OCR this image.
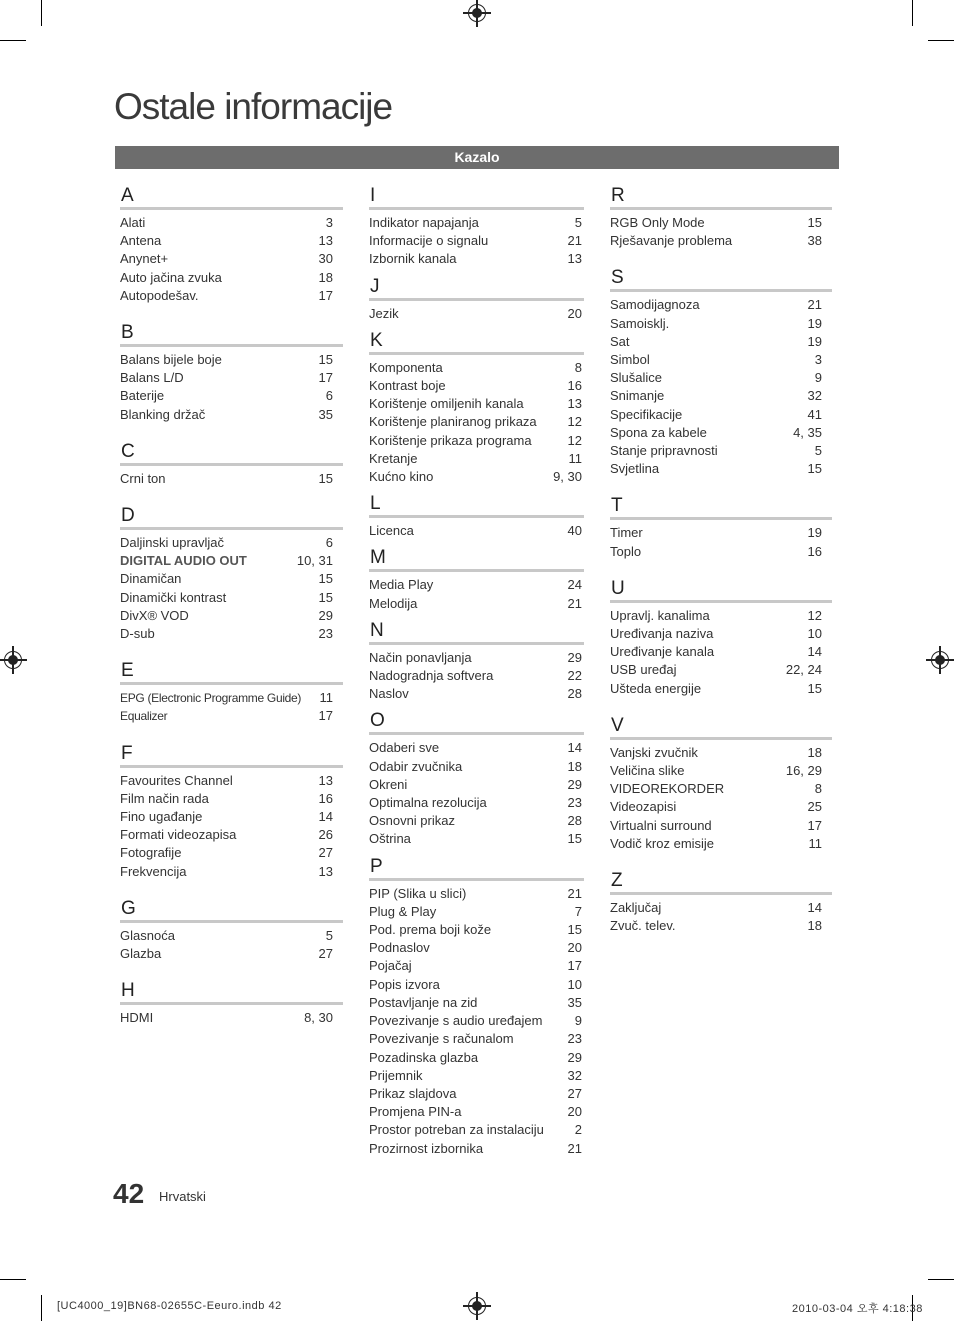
Ostale informacije
Kazalo
A
Alati	3
Antena	13
Anynet+	30
Auto jačina zvuka	18
Autopodešav.	17
B
Balans bijele boje	15
Balans L/D	17
Baterije	6
Blanking držač	35
C
Crni ton	15
D
Daljinski upravljač	6
DIGITAL AUDIO OUT	10, 31
Dinamičan	15
Dinamički kontrast	15
DivX® VOD	29
D-sub	23
E
EPG (Electronic Programme Guide)	11
Equalizer	17
F
Favourites Channel	13
Film način rada	16
Fino ugađanje	14
Formati videozapisa	26
Fotografije	27
Frekvencija	13
G
Glasnoća	5
Glazba	27
H
HDMI	8, 30
I
Indikator napajanja	5
Informacije o signalu	21
Izbornik kanala	13
J
Jezik	20
K
Komponenta	8
Kontrast boje	16
Korištenje omiljenih kanala	13
Korištenje planiranog prikaza	12
Korištenje prikaza programa	12
Kretanje	11
Kućno kino	9, 30
L
Licenca	40
M
Media Play	24
Melodija	21
N
Način ponavljanja	29
Nadogradnja softvera	22
Naslov	28
O
Odaberi sve	14
Odabir zvučnika	18
Okreni	29
Optimalna rezolucija	23
Osnovni prikaz	28
Oštrina	15
P
PIP (Slika u slici)	21
Plug & Play	7
Pod. prema boji kože	15
Podnaslov	20
Pojačaj	17
Popis izvora	10
Postavljanje na zid	35
Povezivanje s audio uređajem	9
Povezivanje s računalom	23
Pozadinska glazba	29
Prijemnik	32
Prikaz slajdova	27
Promjena PIN-a	20
Prostor potreban za instalaciju	2
Prozirnost izbornika	21
R
RGB Only Mode	15
Rješavanje problema	38
S
Samodijagnoza	21
Samoisklj.	19
Sat	19
Simbol	3
Slušalice	9
Snimanje	32
Specifikacije	41
Spona za kabele	4, 35
Stanje pripravnosti	5
Svjetlina	15
T
Timer	19
Toplo	16
U
Upravlj. kanalima	12
Uređivanja naziva	10
Uređivanje kanala	14
USB uređaj	22, 24
Ušteda energije	15
V
Vanjski zvučnik	18
Veličina slike	16, 29
VIDEOREKORDER	8
Videozapisi	25
Virtualni surround	17
Vodič kroz emisije	11
Z
Zaključaj	14
Zvuč. telev.	18
42 Hrvatski
[UC4000_19]BN68-02655C-Eeuro.indb 42	2010-03-04 오후 4:18:38
